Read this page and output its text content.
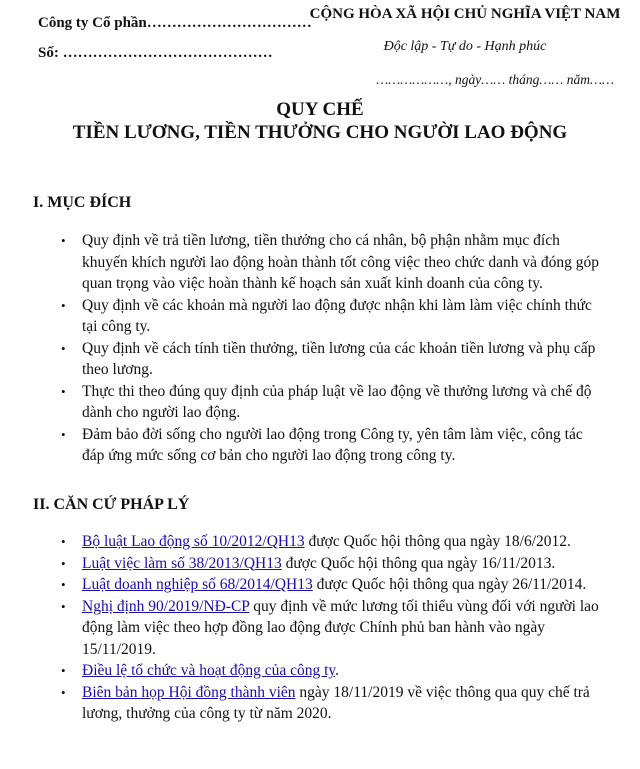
Công ty Cổ phần……………………………
Số: ……………………………………
CỘNG HÒA XÃ HỘI CHỦ NGHĨA VIỆT NAM
Độc lập - Tự do - Hạnh phúc
………………, ngày…… tháng…… năm……
QUY CHẾ
TIỀN LƯƠNG, TIỀN THƯỞNG CHO NGƯỜI LAO ĐỘNG
I. MỤC ĐÍCH
• Quy định về trả tiền lương, tiền thưởng cho cá nhân, bộ phận nhằm mục đích khuyến khích người lao động hoàn thành tốt công việc theo chức danh và đóng góp quan trọng vào việc hoàn thành kế hoạch sản xuất kinh doanh của công ty.
• Quy định về các khoản mà người lao động được nhận khi làm làm việc chính thức tại công ty.
• Quy định về cách tính tiền thưởng, tiền lương của các khoản tiền lương và phụ cấp theo lương.
• Thực thi theo đúng quy định của pháp luật về lao động về thưởng lương và chế độ dành cho người lao động.
• Đảm bảo đời sống cho người lao động trong Công ty, yên tâm làm việc, công tác đáp ứng mức sống cơ bản cho người lao động trong công ty.
II. CĂN CỨ PHÁP LÝ
• Bộ luật Lao động số 10/2012/QH13 được Quốc hội thông qua ngày 18/6/2012.
• Luật việc làm số 38/2013/QH13 được Quốc hội thông qua ngày 16/11/2013.
• Luật doanh nghiệp số 68/2014/QH13 được Quốc hội thông qua ngày 26/11/2014.
• Nghị định 90/2019/NĐ-CP quy định về mức lương tối thiểu vùng đối với người lao động làm việc theo hợp đồng lao động được Chính phủ ban hành vào ngày 15/11/2019.
• Điều lệ tổ chức và hoạt động của công ty.
• Biên bản họp Hội đồng thành viên ngày 18/11/2019 về việc thông qua quy chế trả lương, thưởng của công ty từ năm 2020.
